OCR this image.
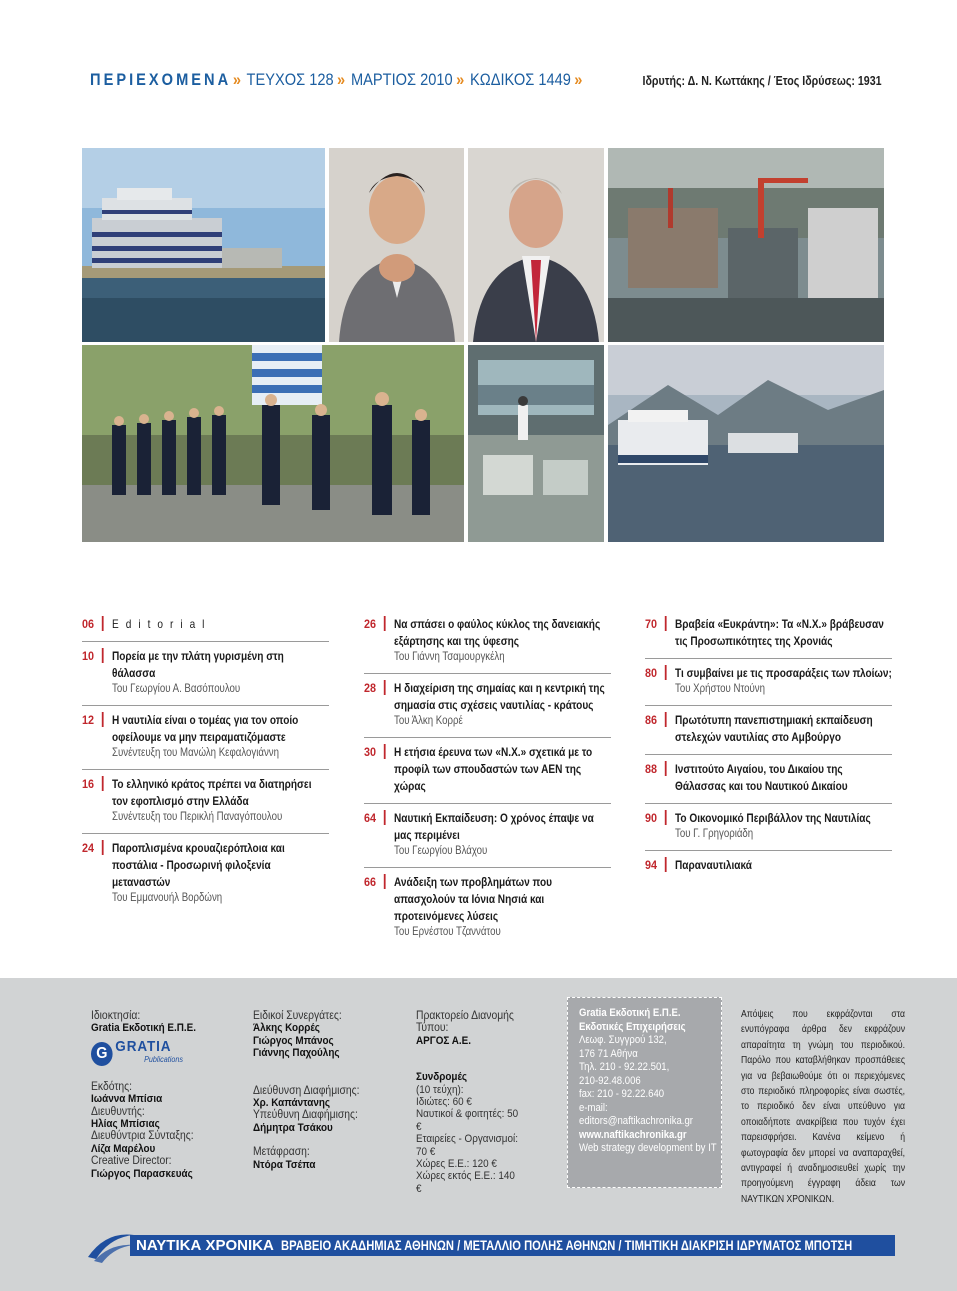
ΠΕΡΙΕΧΟΜΕΝΑ » ΤΕΥΧΟΣ 128 » ΜΑΡΤΙΟΣ 2010 » ΚΩΔΙΚΟΣ 1449 »	Ιδρυτής: Δ. Ν. Κωττάκης / Έτος Ιδρύσεως: 1931
06	E d i t o r i a l
10	Πορεία με την πλάτη γυρισμένη στη θάλασσα
Του Γεωργίου Α. Βασόπουλου
12	Η ναυτιλία είναι ο τομέας για τον οποίο οφείλουμε να μην πειραματιζόμαστε
Συνέντευξη του Μανώλη Κεφαλογιάννη
16	Το ελληνικό κράτος πρέπει να διατηρήσει τον εφοπλισμό στην Ελλάδα
Συνέντευξη του Περικλή Παναγόπουλου
24	Παροπλισμένα κρουαζιερόπλοια και ποστάλια - Προσωρινή φιλοξενία μεταναστών
Του Εμμανουήλ Βορδώνη
26	Να σπάσει ο φαύλος κύκλος της δανειακής εξάρτησης και της ύφεσης
Του Γιάννη Τσαμουργκέλη
28	Η διαχείριση της σημαίας και η κεντρική της σημασία στις σχέσεις ναυτιλίας - κράτους
Του Άλκη Κορρέ
30	Η ετήσια έρευνα των «Ν.Χ.» σχετικά με το προφίλ των σπουδαστών των ΑΕΝ της χώρας
64	Ναυτική Εκπαίδευση: Ο χρόνος έπαψε να μας περιμένει
Του Γεωργίου Βλάχου
66	Ανάδειξη των προβλημάτων που απασχολούν τα Ιόνια Νησιά και προτεινόμενες λύσεις
Του Ερνέστου Τζαννάτου
70	Βραβεία «Ευκράντη»: Τα «Ν.Χ.» βράβευσαν τις Προσωπικότητες της Χρονιάς
80	Τι συμβαίνει με τις προσαράξεις των πλοίων;
Του Χρήστου Ντούνη
86	Πρωτότυπη πανεπιστημιακή εκπαίδευση στελεχών ναυτιλίας στο Αμβούργο
88	Ινστιτούτο Αιγαίου, του Δικαίου της Θάλασσας και του Ναυτικού Δικαίου
90	Το Οικονομικό Περιβάλλον της Ναυτιλίας
Του Γ. Γρηγοριάδη
94	Παραναυτιλιακά
Ιδιοκτησία:
Gratia Εκδοτική Ε.Π.Ε.
G GRATIA
Publications
Εκδότης:
Ιωάννα Μπίσια
Διευθυντής:
Ηλίας Μπίσιας
Διευθύντρια Σύνταξης:
Λίζα Μαρέλου
Creative Director:
Γιώργος Παρασκευάς
Ειδικοί Συνεργάτες:
Άλκης Κορρές
Γιώργος Μπάνος
Γιάννης Παχούλης
Διεύθυνση Διαφήμισης:
Χρ. Καπάντανης
Υπεύθυνη Διαφήμισης:
Δήμητρα Τσάκου
Μετάφραση:
Ντόρα Τσέπα
Πρακτορείο Διανομής Τύπου:
ΑΡΓΟΣ Α.Ε.
Συνδρομές
(10 τεύχη):
Ιδιώτες: 60 €
Ναυτικοί & φοιτητές: 50 €
Εταιρείες - Οργανισμοί: 70 €
Χώρες Ε.Ε.: 120 €
Χώρες εκτός Ε.Ε.: 140 €
Gratia Εκδοτική Ε.Π.Ε.
Εκδοτικές Επιχειρήσεις
Λεωφ. Συγγρού 132,
176 71 Αθήνα
Τηλ. 210 - 92.22.501,
210-92.48.006
fax: 210 - 92.22.640
e-mail: editors@naftikachronika.gr
www.naftikachronika.gr
Web strategy development by IT
Απόψεις που εκφράζονται στα ενυπόγραφα άρθρα δεν εκφράζουν απαραίτητα τη γνώμη του περιοδικού. Παρόλο που καταβλήθηκαν προσπάθειες για να βεβαιωθούμε ότι οι περιεχόμενες στο περιοδικό πληροφορίες είναι σωστές, το περιοδικό δεν είναι υπεύθυνο για οποιαδήποτε ανακρίβεια που τυχόν έχει παρεισφρήσει. Κανένα κείμενο ή φωτογραφία δεν μπορεί να αναπαραχθεί, αντιγραφεί ή αναδημοσιευθεί χωρίς την προηγούμενη έγγραφη άδεια των ΝΑΥΤΙΚΩΝ ΧΡΟΝΙΚΩΝ.
ΝΑΥΤΙΚΑ ΧΡΟΝΙΚΑ ΒΡΑΒΕΙΟ ΑΚΑΔΗΜΙΑΣ ΑΘΗΝΩΝ / ΜΕΤΑΛΛΙΟ ΠΟΛΗΣ ΑΘΗΝΩΝ / ΤΙΜΗΤΙΚΗ ΔΙΑΚΡΙΣΗ ΙΔΡΥΜΑΤΟΣ ΜΠΟΤΣΗ
